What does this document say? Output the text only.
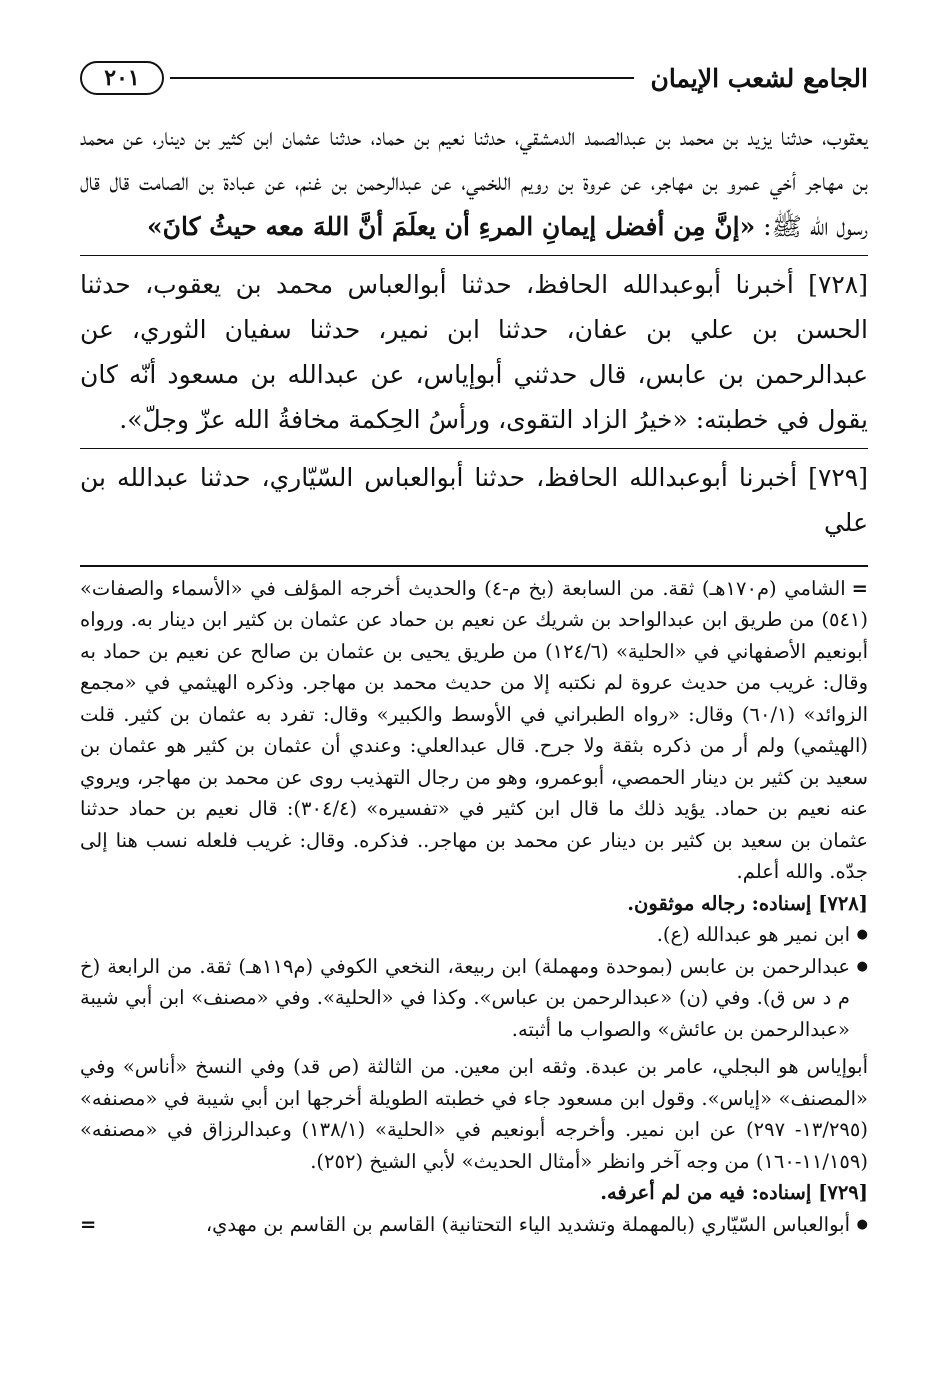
الجامع لشعب الإيمان
٢٠١

يعقوب، حدثنا يزيد بن محمد بن عبدالصمد الدمشقي، حدثنا نعيم بن حماد، حدثنا عثمان ابن كثير بن دينار، عن محمد بن مهاجر أخي عمرو بن مهاجر، عن عروة بن رويم اللخمي، عن عبدالرحمن بن غنم، عن عبادة بن الصامت قال قال رسول الله ﷺ: «إنَّ مِن أفضل إيمانِ المرءِ أن يعلَمَ أنَّ اللهَ معه حيثُ كانَ»

[٧٢٨] أخبرنا أبوعبدالله الحافظ، حدثنا أبوالعباس محمد بن يعقوب، حدثنا الحسن بن علي بن عفان، حدثنا ابن نمير، حدثنا سفيان الثوري، عن عبدالرحمن بن عابس، قال حدثني أبوإياس، عن عبدالله بن مسعود أنّه كان يقول في خطبته: «خيرُ الزاد التقوى، ورأسُ الحِكمة مخافةُ الله عزّ وجلّ».

[٧٢٩] أخبرنا أبوعبدالله الحافظ، حدثنا أبوالعباس السّيّاري، حدثنا عبدالله بن علي

=الشامي (م١٧٠هـ) ثقة. من السابعة (بخ م-٤) والحديث أخرجه المؤلف في «الأسماء والصفات» (٥٤١) من طريق ابن عبدالواحد بن شريك عن نعيم بن حماد عن عثمان بن كثير ابن دينار به. ورواه أبونعيم الأصفهاني في «الحلية» (١٢٤/٦) من طريق يحيى بن عثمان بن صالح عن نعيم بن حماد به وقال: غريب من حديث عروة لم نكتبه إلا من حديث محمد بن مهاجر. وذكره الهيثمي في «مجمع الزوائد» (٦٠/١) وقال: «رواه الطبراني في الأوسط والكبير» وقال: تفرد به عثمان بن كثير. قلت (الهيثمي) ولم أر من ذكره بثقة ولا جرح. قال عبدالعلي: وعندي أن عثمان بن كثير هو عثمان بن سعيد بن كثير بن دينار الحمصي، أبوعمرو، وهو من رجال التهذيب روى عن محمد بن مهاجر، ويروي عنه نعيم بن حماد. يؤيد ذلك ما قال ابن كثير في «تفسيره» (٣٠٤/٤): قال نعيم بن حماد حدثنا عثمان بن سعيد بن كثير بن دينار عن محمد بن مهاجر.. فذكره. وقال: غريب فلعله نسب هنا إلى جدّه. والله أعلم.

[٧٢٨] إسناده: رجاله موثقون.

● ابن نمير هو عبدالله (ع).
● عبدالرحمن بن عابس (بموحدة ومهملة) ابن ربيعة، النخعي الكوفي (م١١٩هـ) ثقة. من الرابعة (خ م د س ق). وفي (ن) «عبدالرحمن بن عباس». وكذا في «الحلية». وفي «مصنف» ابن أبي شيبة «عبدالرحمن بن عائش» والصواب ما أثبته.

أبوإياس هو البجلي، عامر بن عبدة. وثقه ابن معين. من الثالثة (ص قد) وفي النسخ «أناس» وفي «المصنف» «إياس». وقول ابن مسعود جاء في خطبته الطويلة أخرجها ابن أبي شيبة في «مصنفه» (١٣/٢٩٥- ٢٩٧) عن ابن نمير. وأخرجه أبونعيم في «الحلية» (١٣٨/١) وعبدالرزاق في «مصنفه» (١١/١٥٩-١٦٠) من وجه آخر وانظر «أمثال الحديث» لأبي الشيخ (٢٥٢).

[٧٢٩] إسناده: فيه من لم أعرفه.

● أبوالعباس السّيّاري (بالمهملة وتشديد الياء التحتانية) القاسم بن القاسم بن مهدي،
=
